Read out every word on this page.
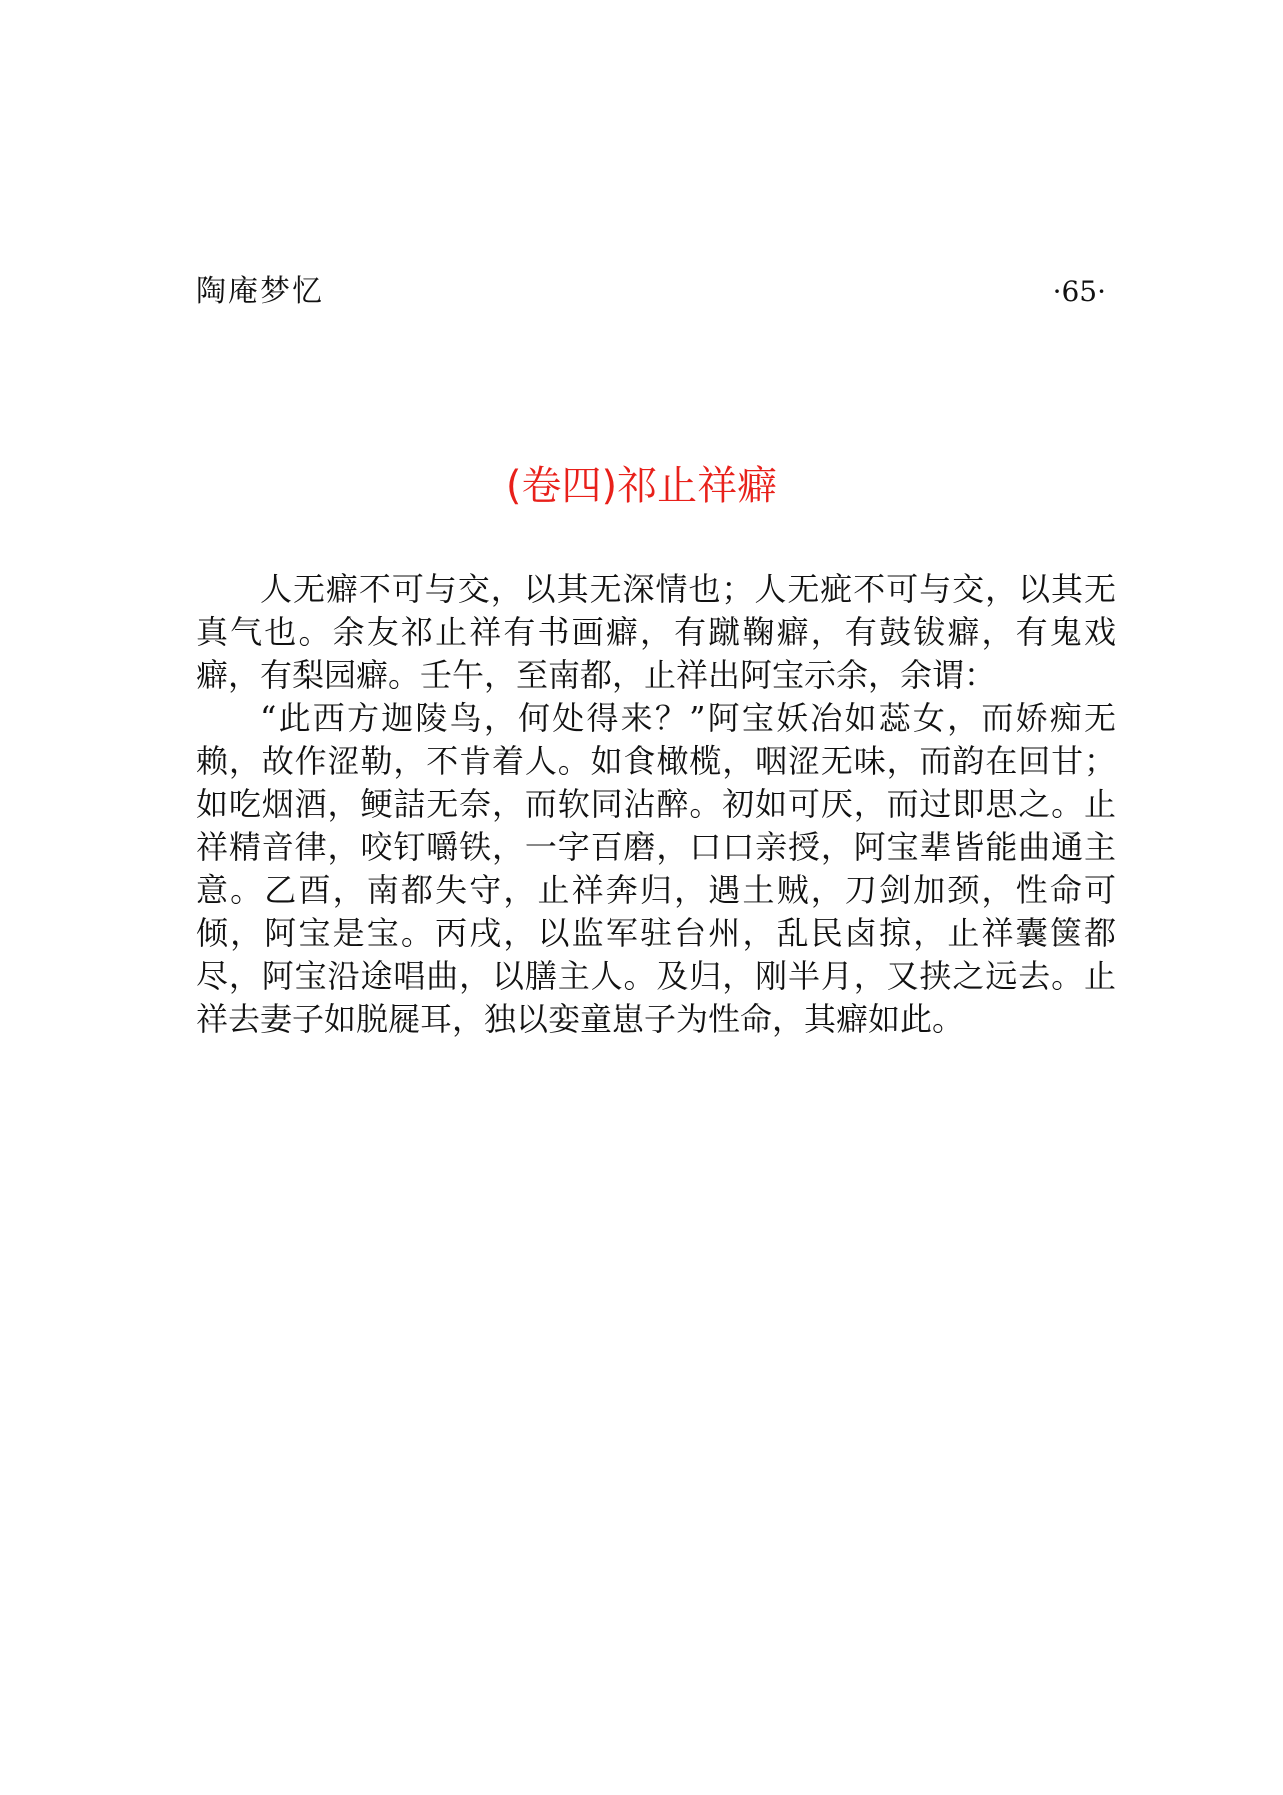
陶庵梦忆	·65·
(卷四)祁止祥癖

人无癖不可与交，以其无深情也；人无疵不可与交，以其无真气也。余友祁止祥有书画癖，有蹴鞠癖，有鼓钹癖，有鬼戏癖，有梨园癖。壬午，至南都，止祥出阿宝示余，余谓：

“此西方迦陵鸟，何处得来？”阿宝妖冶如蕊女，而娇痴无赖，故作涩勒，不肯着人。如食橄榄，咽涩无味，而韵在回甘；如吃烟酒，鲠詰无奈，而软同沾醉。初如可厌，而过即思之。止祥精音律，咬钉嚼铁，一字百磨，口口亲授，阿宝辈皆能曲通主意。乙酉，南都失守，止祥奔归，遇土贼，刀剑加颈，性命可倾，阿宝是宝。丙戌，以监军驻台州，乱民卤掠，止祥囊箧都尽，阿宝沿途唱曲，以膳主人。及归，刚半月，又挟之远去。止祥去妻子如脱屣耳，独以娈童崽子为性命，其癖如此。
